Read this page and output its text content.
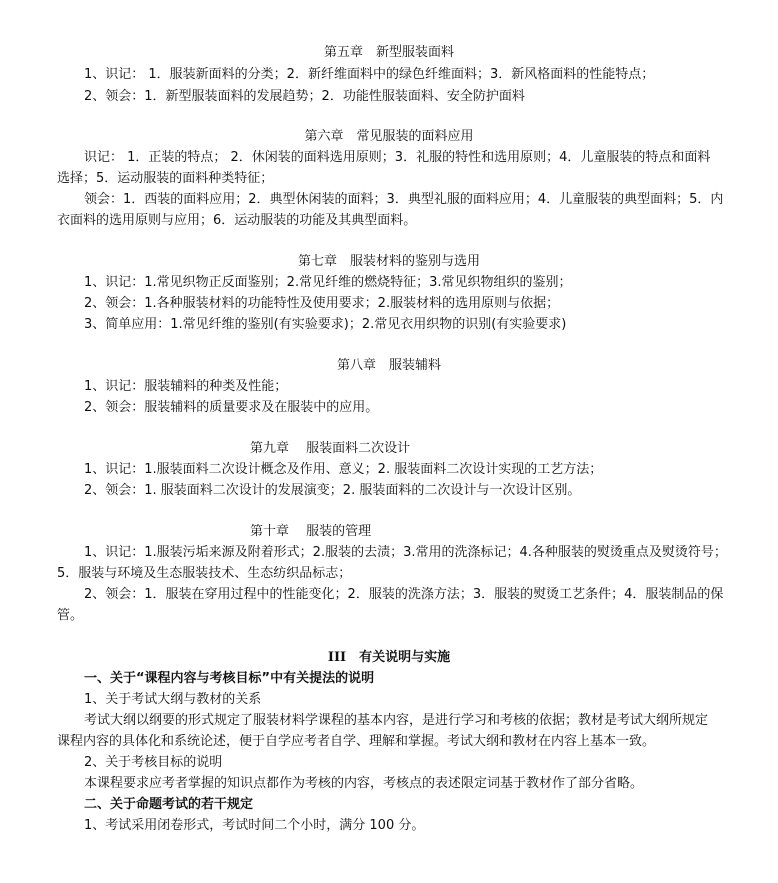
第五章　新型服装面料
1、识记： 1．服装新面料的分类；2．新纤维面料中的绿色纤维面料；3．新风格面料的性能特点；
2、领会：1．新型服装面料的发展趋势；2．功能性服装面料、安全防护面料
第六章　常见服装的面料应用
识记： 1．正装的特点； 2．休闲装的面料选用原则；3．礼服的特性和选用原则；4．儿童服装的特点和面料
选择；5．运动服装的面料种类特征；
领会：1．西装的面料应用；2．典型休闲装的面料；3．典型礼服的面料应用；4．儿童服装的典型面料；5．内
衣面料的选用原则与应用；6．运动服装的功能及其典型面料。
第七章　服装材料的鉴别与选用
1、识记：1.常见织物正反面鉴别；2.常见纤维的燃烧特征；3.常见织物组织的鉴别；
2、领会：1.各种服装材料的功能特性及使用要求；2.服装材料的选用原则与依据；
3、简单应用：1.常见纤维的鉴别(有实验要求)；2.常见衣用织物的识别(有实验要求)
第八章　服装辅料
1、识记：服装辅料的种类及性能；
2、领会：服装辅料的质量要求及在服装中的应用。
第九章　 服装面料二次设计
1、识记：1.服装面料二次设计概念及作用、意义；2. 服装面料二次设计实现的工艺方法；
2、领会：1. 服装面料二次设计的发展演变；2. 服装面料的二次设计与一次设计区别。
第十章　 服装的管理
1、识记：1.服装污垢来源及附着形式；2.服装的去渍；3.常用的洗涤标记；4.各种服装的熨烫重点及熨烫符号；
5．服装与环境及生态服装技术、生态纺织品标志；
2、领会：1．服装在穿用过程中的性能变化；2．服装的洗涤方法；3．服装的熨烫工艺条件；4．服装制品的保
管。
III　有关说明与实施
一、关于“课程内容与考核目标”中有关提法的说明
1、关于考试大纲与教材的关系
考试大纲以纲要的形式规定了服装材料学课程的基本内容，是进行学习和考核的依据；教材是考试大纲所规定
课程内容的具体化和系统论述，便于自学应考者自学、理解和掌握。考试大纲和教材在内容上基本一致。
2、关于考核目标的说明
本课程要求应考者掌握的知识点都作为考核的内容，考核点的表述限定词基于教材作了部分省略。
二、关于命题考试的若干规定
1、考试采用闭卷形式，考试时间二个小时，满分 100 分。
